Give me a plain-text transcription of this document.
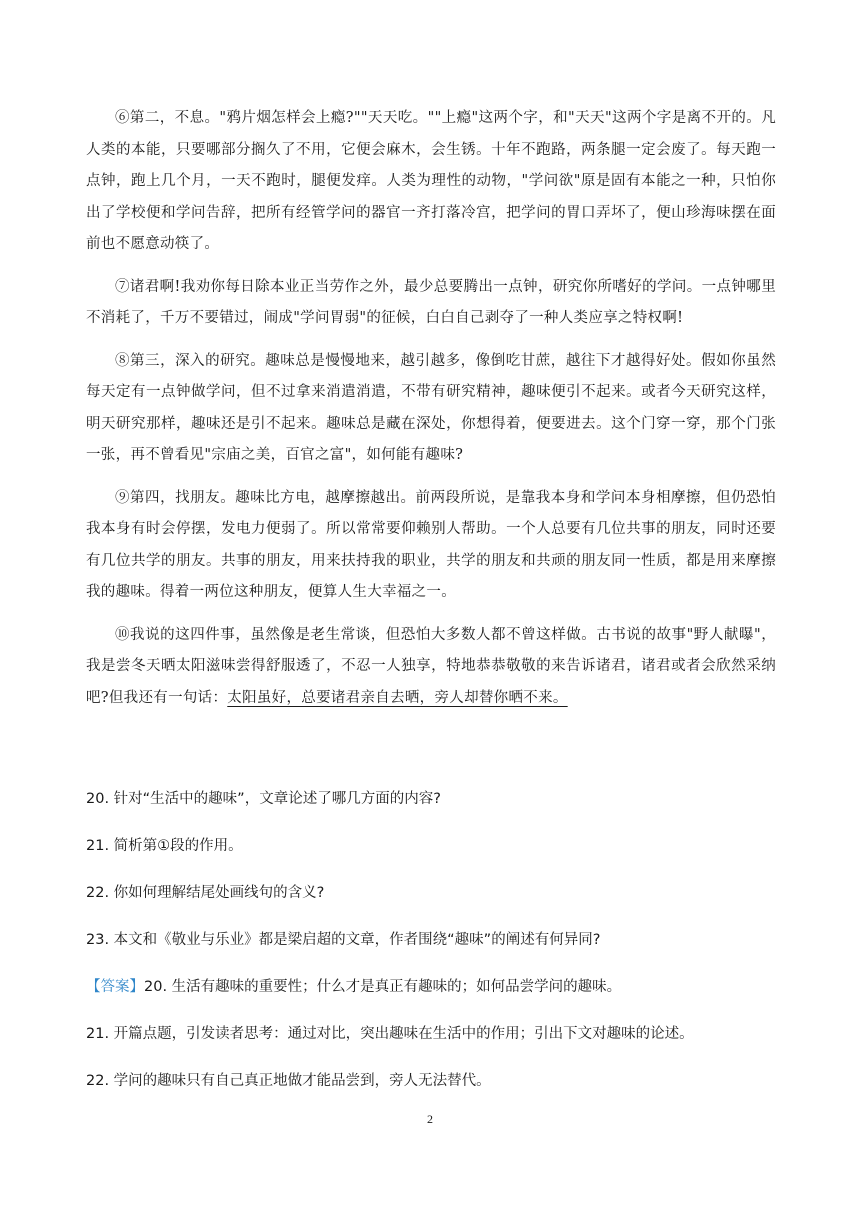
⑥第二，不息。"鸦片烟怎样会上瘾?""天天吃。""上瘾"这两个字，和"天天"这两个字是离不开的。凡人类的本能，只要哪部分搁久了不用，它便会麻木，会生锈。十年不跑路，两条腿一定会废了。每天跑一点钟，跑上几个月，一天不跑时，腿便发痒。人类为理性的动物，"学问欲"原是固有本能之一种，只怕你出了学校便和学问告辞，把所有经管学问的器官一齐打落冷宫，把学问的胃口弄坏了，便山珍海味摆在面前也不愿意动筷了。

⑦诸君啊!我劝你每日除本业正当劳作之外，最少总要腾出一点钟，研究你所嗜好的学问。一点钟哪里不消耗了，千万不要错过，闹成"学问胃弱"的征候，白白自己剥夺了一种人类应享之特权啊!

⑧第三，深入的研究。趣味总是慢慢地来，越引越多，像倒吃甘蔗，越往下才越得好处。假如你虽然每天定有一点钟做学问，但不过拿来消遣消遣，不带有研究精神，趣味便引不起来。或者今天研究这样，明天研究那样，趣味还是引不起来。趣味总是藏在深处，你想得着，便要进去。这个门穿一穿，那个门张一张，再不曾看见"宗庙之美，百官之富"，如何能有趣味?

⑨第四，找朋友。趣味比方电，越摩擦越出。前两段所说，是靠我本身和学问本身相摩擦，但仍恐怕我本身有时会停摆，发电力便弱了。所以常常要仰赖别人帮助。一个人总要有几位共事的朋友，同时还要有几位共学的朋友。共事的朋友，用来扶持我的职业，共学的朋友和共顽的朋友同一性质，都是用来摩擦我的趣味。得着一两位这种朋友，便算人生大幸福之一。

⑩我说的这四件事，虽然像是老生常谈，但恐怕大多数人都不曾这样做。古书说的故事"野人献曝"，我是尝冬天晒太阳滋味尝得舒服透了，不忍一人独享，特地恭恭敬敬的来告诉诸君，诸君或者会欣然采纳吧?但我还有一句话：太阳虽好，总要诸君亲自去晒，旁人却替你晒不来。

20. 针对“生活中的趣味”，文章论述了哪几方面的内容?
21. 简析第①段的作用。
22. 你如何理解结尾处画线句的含义?
23. 本文和《敬业与乐业》都是梁启超的文章，作者围绕“趣味”的阐述有何异同?
【答案】20. 生活有趣味的重要性；什么才是真正有趣味的；如何品尝学问的趣味。
21. 开篇点题，引发读者思考：通过对比，突出趣味在生活中的作用；引出下文对趣味的论述。
22. 学问的趣味只有自己真正地做才能品尝到，旁人无法替代。
2
